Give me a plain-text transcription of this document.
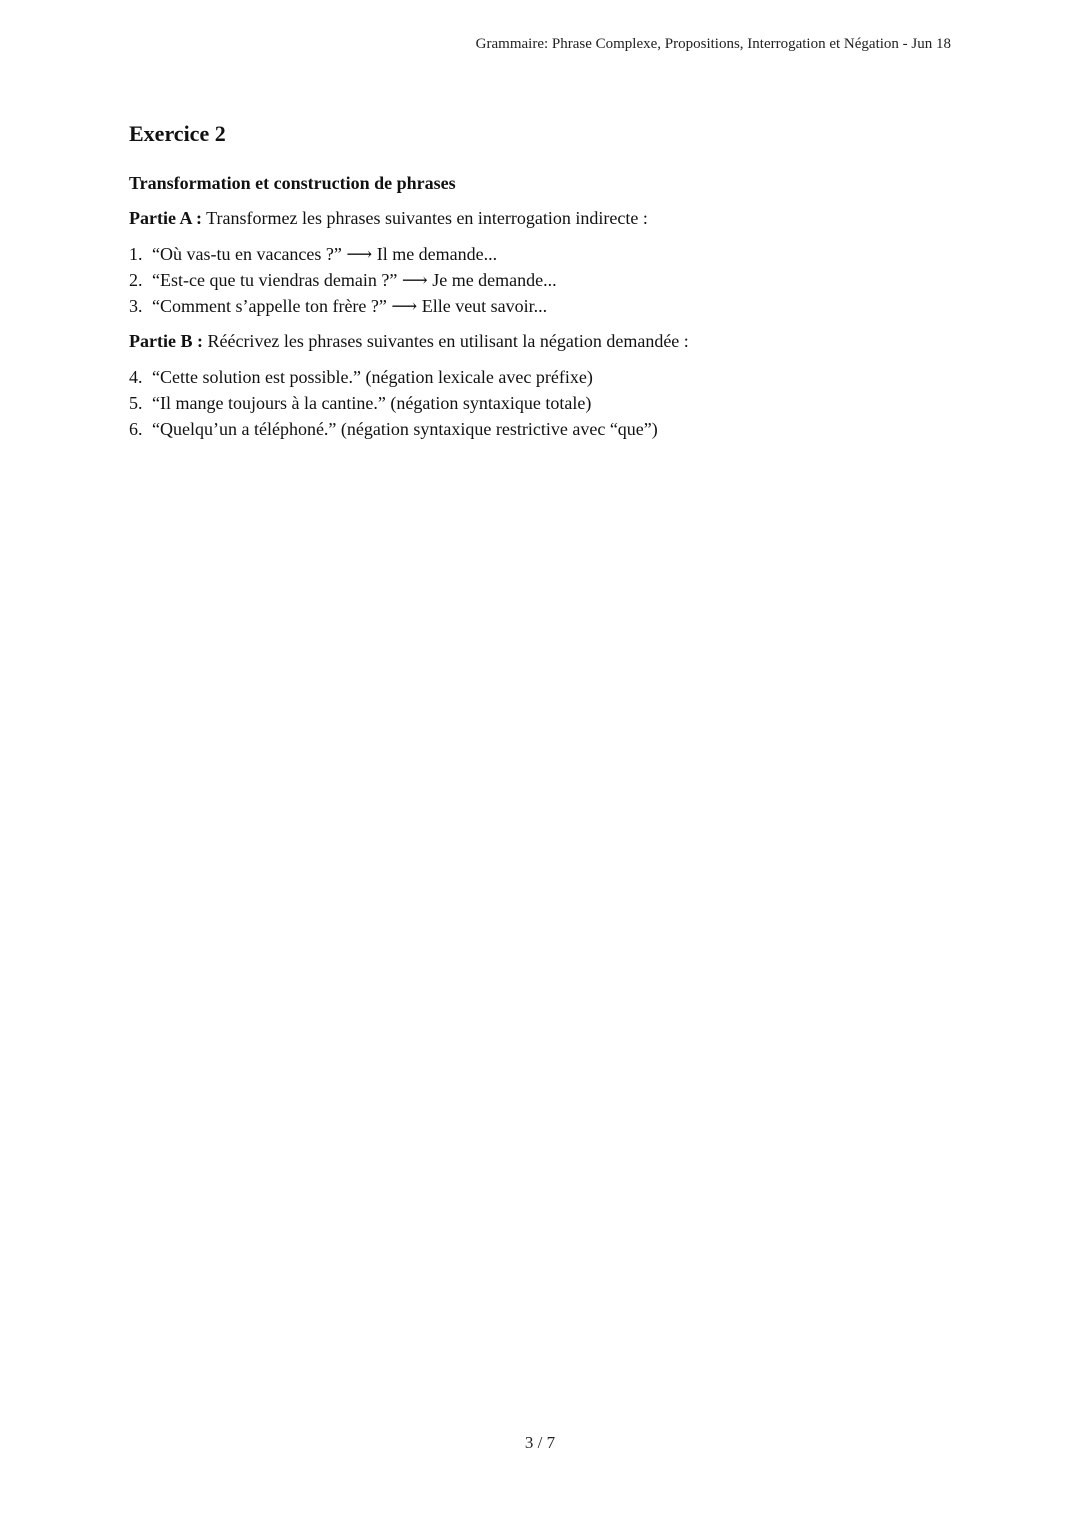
Grammaire: Phrase Complexe, Propositions, Interrogation et Négation - Jun 18
Exercice 2
Transformation et construction de phrases
Partie A : Transformez les phrases suivantes en interrogation indirecte :
1. “Où vas-tu en vacances ?” ⟶ Il me demande...
2. “Est-ce que tu viendras demain ?” ⟶ Je me demande...
3. “Comment s’appelle ton frère ?” ⟶ Elle veut savoir...
Partie B : Réécrivez les phrases suivantes en utilisant la négation demandée :
4. “Cette solution est possible.” (négation lexicale avec préfixe)
5. “Il mange toujours à la cantine.” (négation syntaxique totale)
6. “Quelqu’un a téléphoné.” (négation syntaxique restrictive avec “que”)
3 / 7
